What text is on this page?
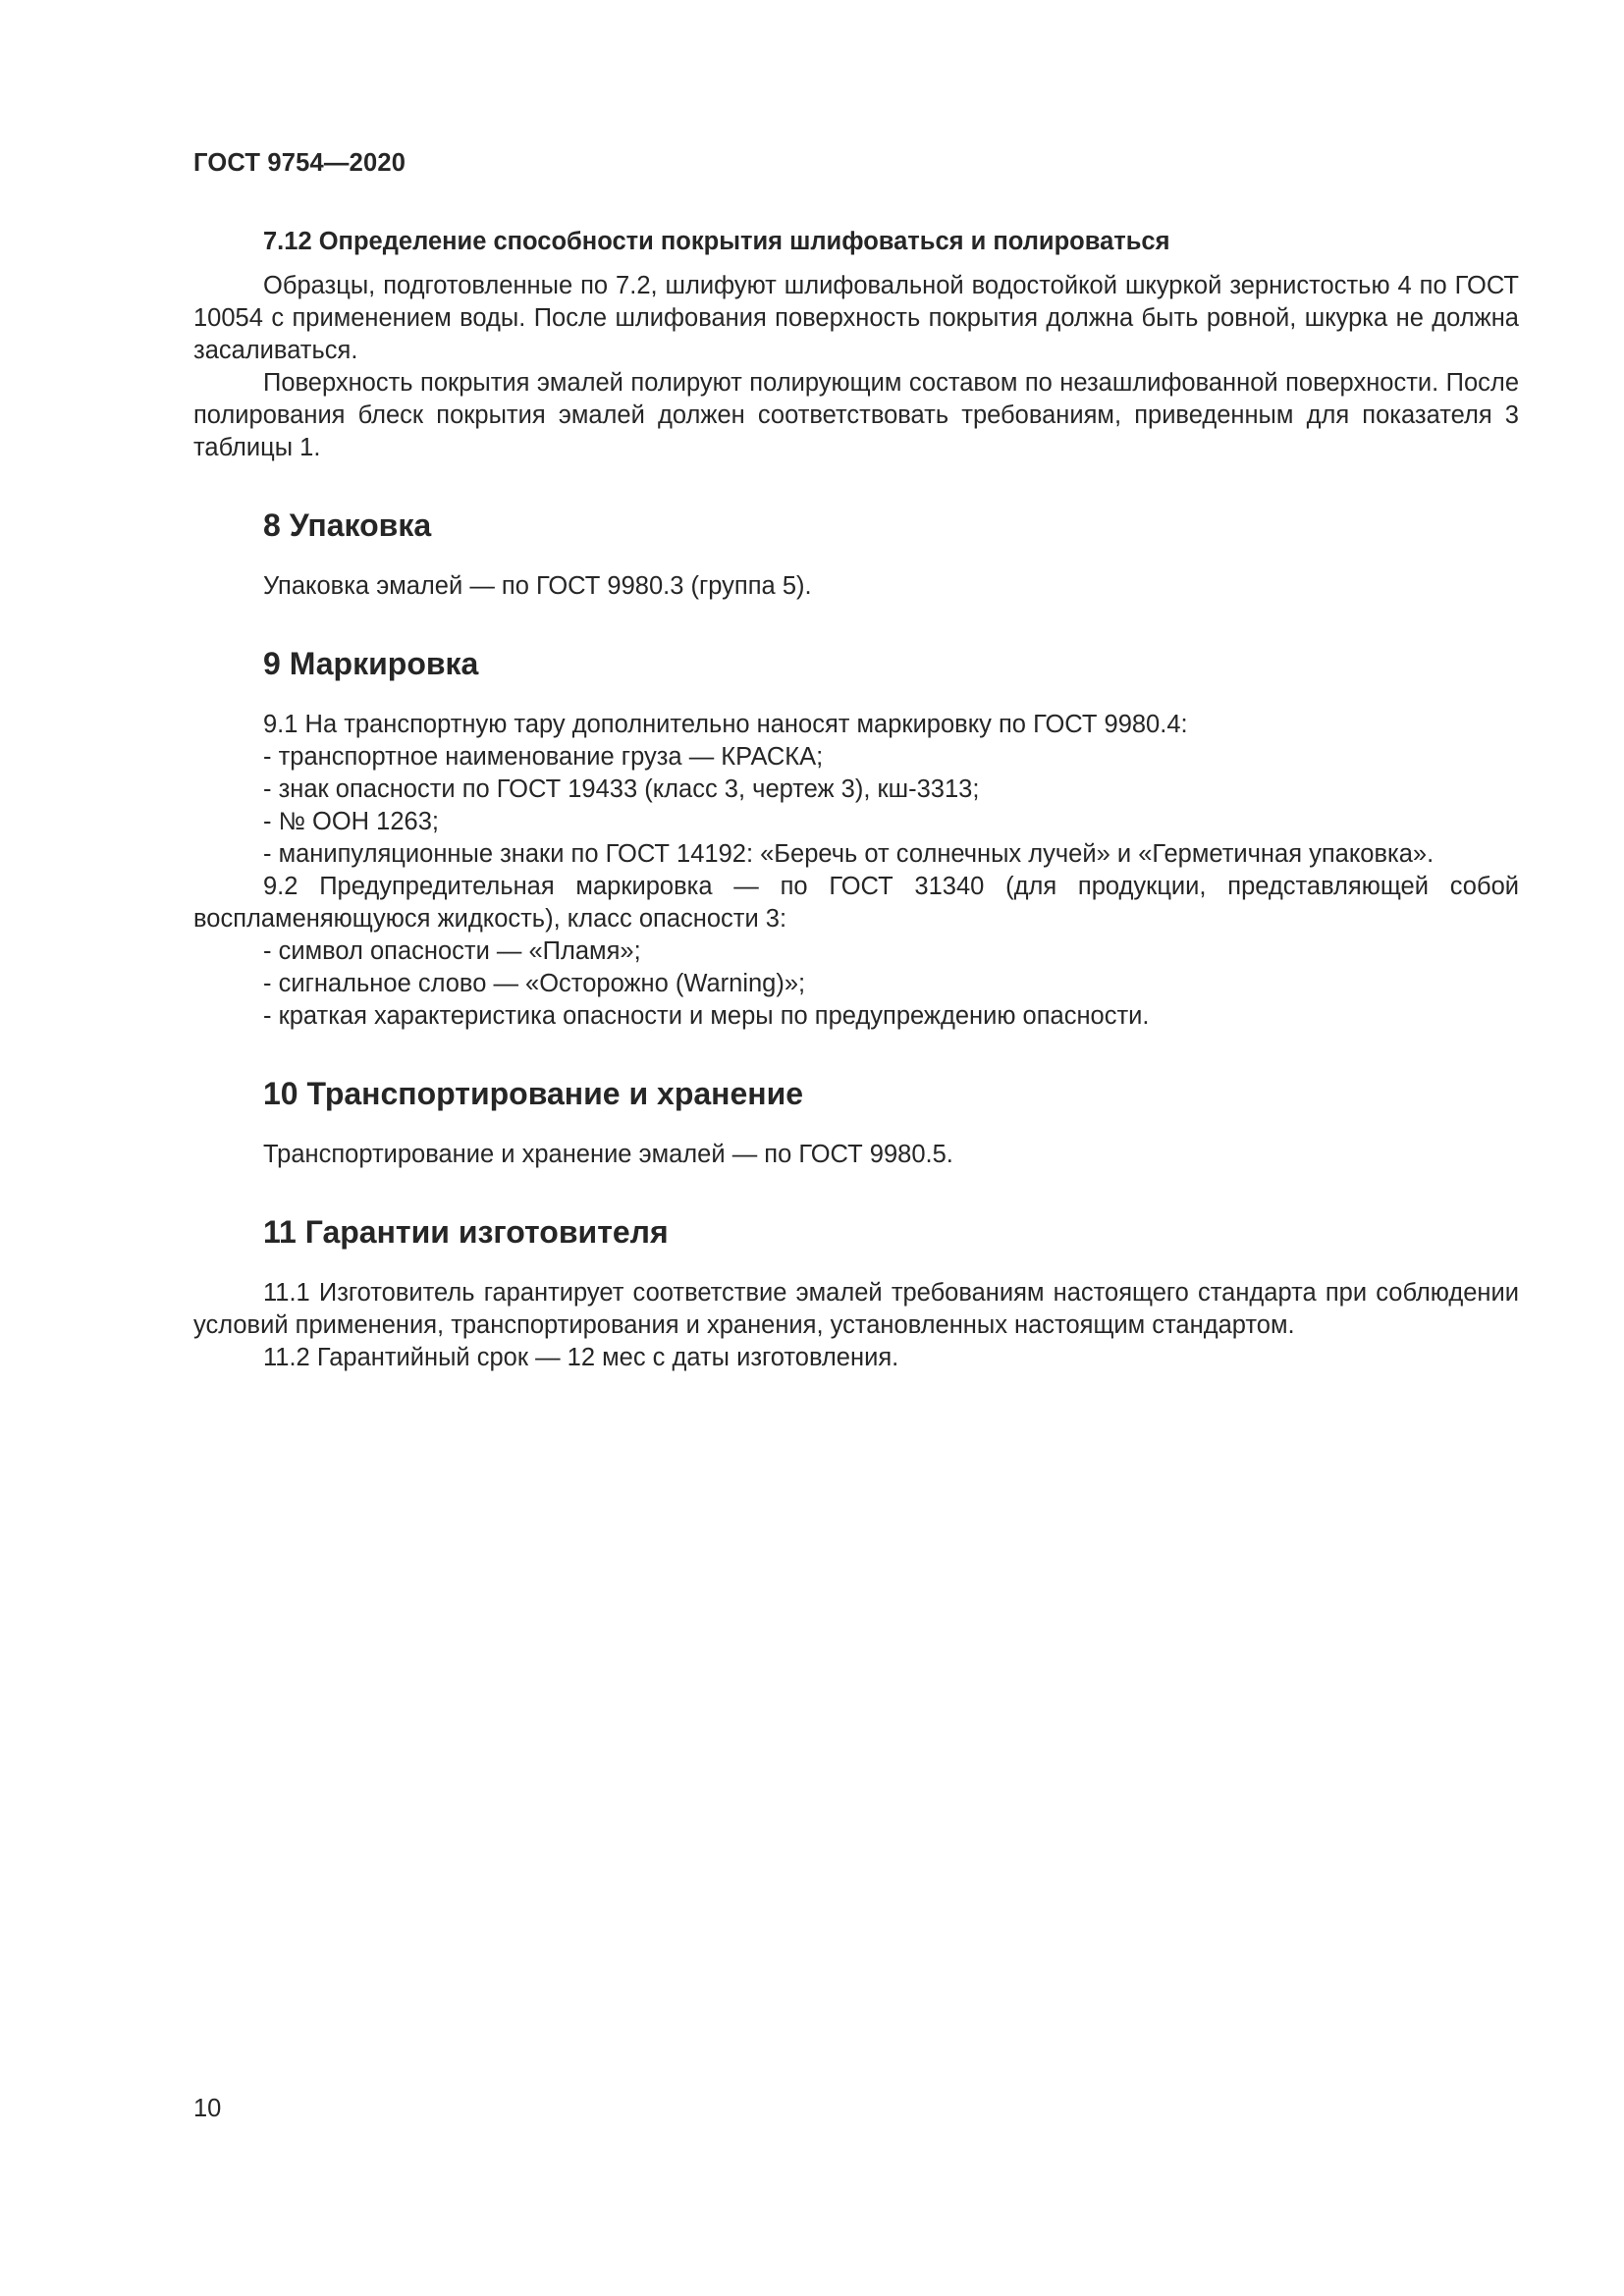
ГОСТ 9754—2020
7.12 Определение способности покрытия шлифоваться и полироваться

Образцы, подготовленные по 7.2, шлифуют шлифовальной водостойкой шкуркой зернистостью 4 по ГОСТ 10054 с применением воды. После шлифования поверхность покрытия должна быть ровной, шкурка не должна засаливаться.

Поверхность покрытия эмалей полируют полирующим составом по незашлифованной поверхности. После полирования блеск покрытия эмалей должен соответствовать требованиям, приведенным для показателя 3 таблицы 1.

8 Упаковка

Упаковка эмалей — по ГОСТ 9980.3 (группа 5).

9 Маркировка

9.1 На транспортную тару дополнительно наносят маркировку по ГОСТ 9980.4:

- транспортное наименование груза — КРАСКА;

- знак опасности по ГОСТ 19433 (класс 3, чертеж 3), кш-3313;

- № ООН 1263;

- манипуляционные знаки по ГОСТ 14192: «Беречь от солнечных лучей» и «Герметичная упаковка».

9.2 Предупредительная маркировка — по ГОСТ 31340 (для продукции, представляющей собой воспламеняющуюся жидкость), класс опасности 3:

- символ опасности — «Пламя»;

- сигнальное слово — «Осторожно (Warning)»;

- краткая характеристика опасности и меры по предупреждению опасности.

10 Транспортирование и хранение

Транспортирование и хранение эмалей — по ГОСТ 9980.5.

11 Гарантии изготовителя

11.1 Изготовитель гарантирует соответствие эмалей требованиям настоящего стандарта при соблюдении условий применения, транспортирования и хранения, установленных настоящим стандартом.

11.2 Гарантийный срок — 12 мес с даты изготовления.

10
